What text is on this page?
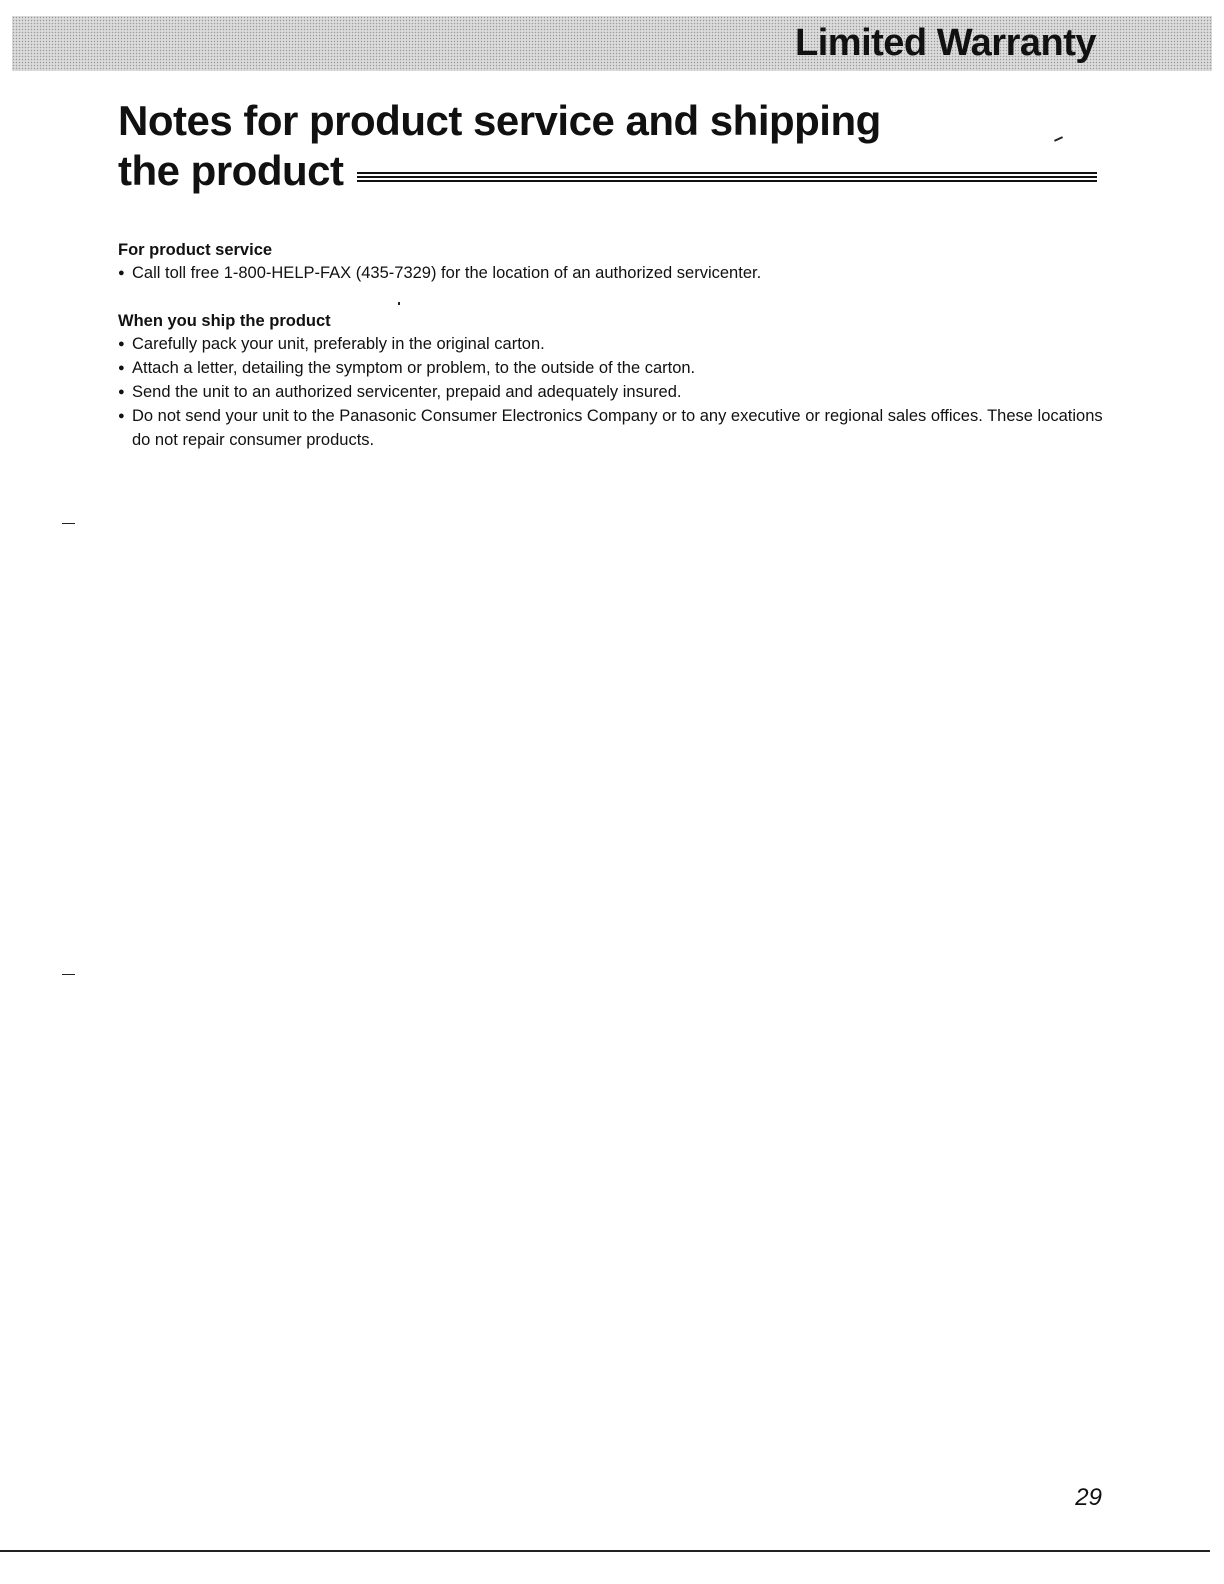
Limited Warranty
Notes for product service and shipping
the product
For product service
● Call toll free 1-800-HELP-FAX (435-7329) for the location of an authorized servicenter.
When you ship the product
● Carefully pack your unit, preferably in the original carton.
● Attach a letter, detailing the symptom or problem, to the outside of the carton.
● Send the unit to an authorized servicenter, prepaid and adequately insured.
● Do not send your unit to the Panasonic Consumer Electronics Company or to any executive or regional sales offices. These locations do not repair consumer products.
29
